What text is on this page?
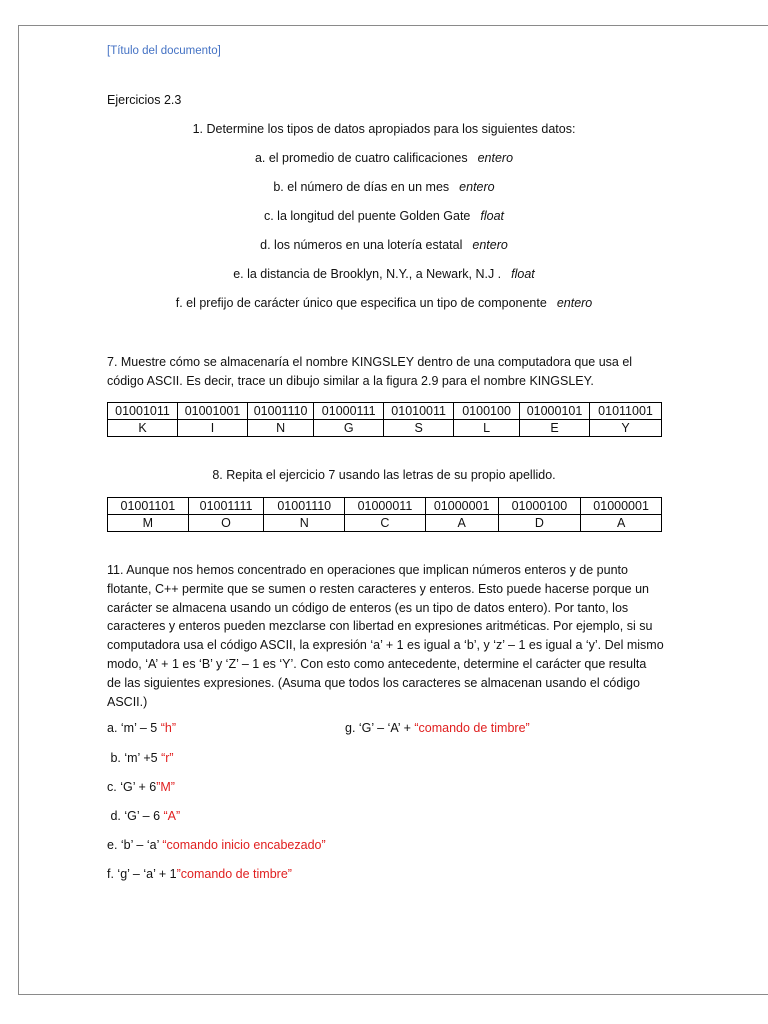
[Título del documento]
Ejercicios 2.3
1. Determine los tipos de datos apropiados para los siguientes datos:
a. el promedio de cuatro calificaciones entero
b. el número de días en un mes entero
c. la longitud del puente Golden Gate float
d. los números en una lotería estatal entero
e. la distancia de Brooklyn, N.Y., a Newark, N.J . float
f. el prefijo de carácter único que especifica un tipo de componente entero
7. Muestre cómo se almacenaría el nombre KINGSLEY dentro de una computadora que usa el
código ASCII. Es decir, trace un dibujo similar a la figura 2.9 para el nombre KINGSLEY.
01001011	01001001	01001110	01000111	01010011	0100100	01000101	01011001
K	I	N	G	S	L	E	Y
8. Repita el ejercicio 7 usando las letras de su propio apellido.
01001101	01001111	01001110	01000011	01000001	01000100	01000001
M	O	N	C	A	D	A
11. Aunque nos hemos concentrado en operaciones que implican números enteros y de punto
flotante, C++ permite que se sumen o resten caracteres y enteros. Esto puede hacerse porque un
carácter se almacena usando un código de enteros (es un tipo de datos entero). Por tanto, los
caracteres y enteros pueden mezclarse con libertad en expresiones aritméticas. Por ejemplo, si su
computadora usa el código ASCII, la expresión ‘a’ + 1 es igual a ‘b’, y ‘z’ – 1 es igual a ‘y’. Del mismo
modo, ‘A’ + 1 es ‘B’ y ‘Z’ – 1 es ‘Y’. Con esto como antecedente, determine el carácter que resulta
de las siguientes expresiones. (Asuma que todos los caracteres se almacenan usando el código
ASCII.)
a. ‘m’ – 5 “h”	g. ‘G’ – ‘A’ + “comando de timbre”
b. ‘m’ +5 “r”
c. ‘G’ + 6”M”
d. ‘G’ – 6 “A”
e. ‘b’ – ‘a’ “comando inicio encabezado”
f. ‘g’ – ‘a’ + 1”comando de timbre”
